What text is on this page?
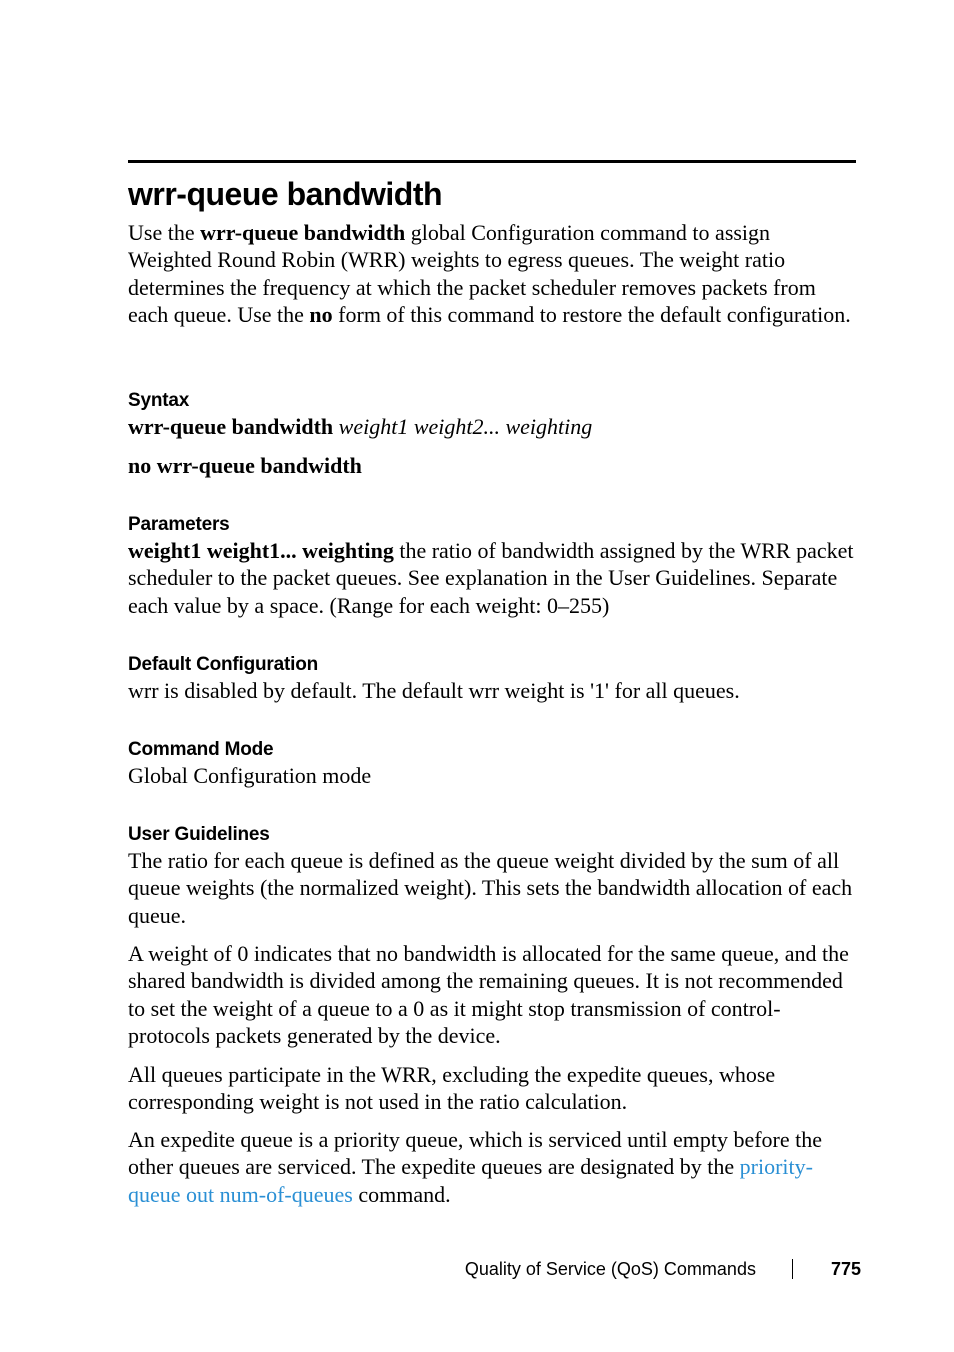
wrr-queue bandwidth

Use the wrr-queue bandwidth global Configuration command to assign Weighted Round Robin (WRR) weights to egress queues. The weight ratio determines the frequency at which the packet scheduler removes packets from each queue. Use the no form of this command to restore the default configuration.

Syntax

wrr-queue bandwidth weight1 weight2... weighting

no wrr-queue bandwidth

Parameters

weight1 weight1... weighting the ratio of bandwidth assigned by the WRR packet scheduler to the packet queues. See explanation in the User Guidelines. Separate each value by a space. (Range for each weight: 0–255)

Default Configuration

wrr is disabled by default. The default wrr weight is '1' for all queues.

Command Mode

Global Configuration mode

User Guidelines

The ratio for each queue is defined as the queue weight divided by the sum of all queue weights (the normalized weight). This sets the bandwidth allocation of each queue.

A weight of 0 indicates that no bandwidth is allocated for the same queue, and the shared bandwidth is divided among the remaining queues. It is not recommended to set the weight of a queue to a 0 as it might stop transmission of control-protocols packets generated by the device.

All queues participate in the WRR, excluding the expedite queues, whose corresponding weight is not used in the ratio calculation.

An expedite queue is a priority queue, which is serviced until empty before the other queues are serviced. The expedite queues are designated by the priority-queue out num-of-queues command.

Quality of Service (QoS) Commands	775
